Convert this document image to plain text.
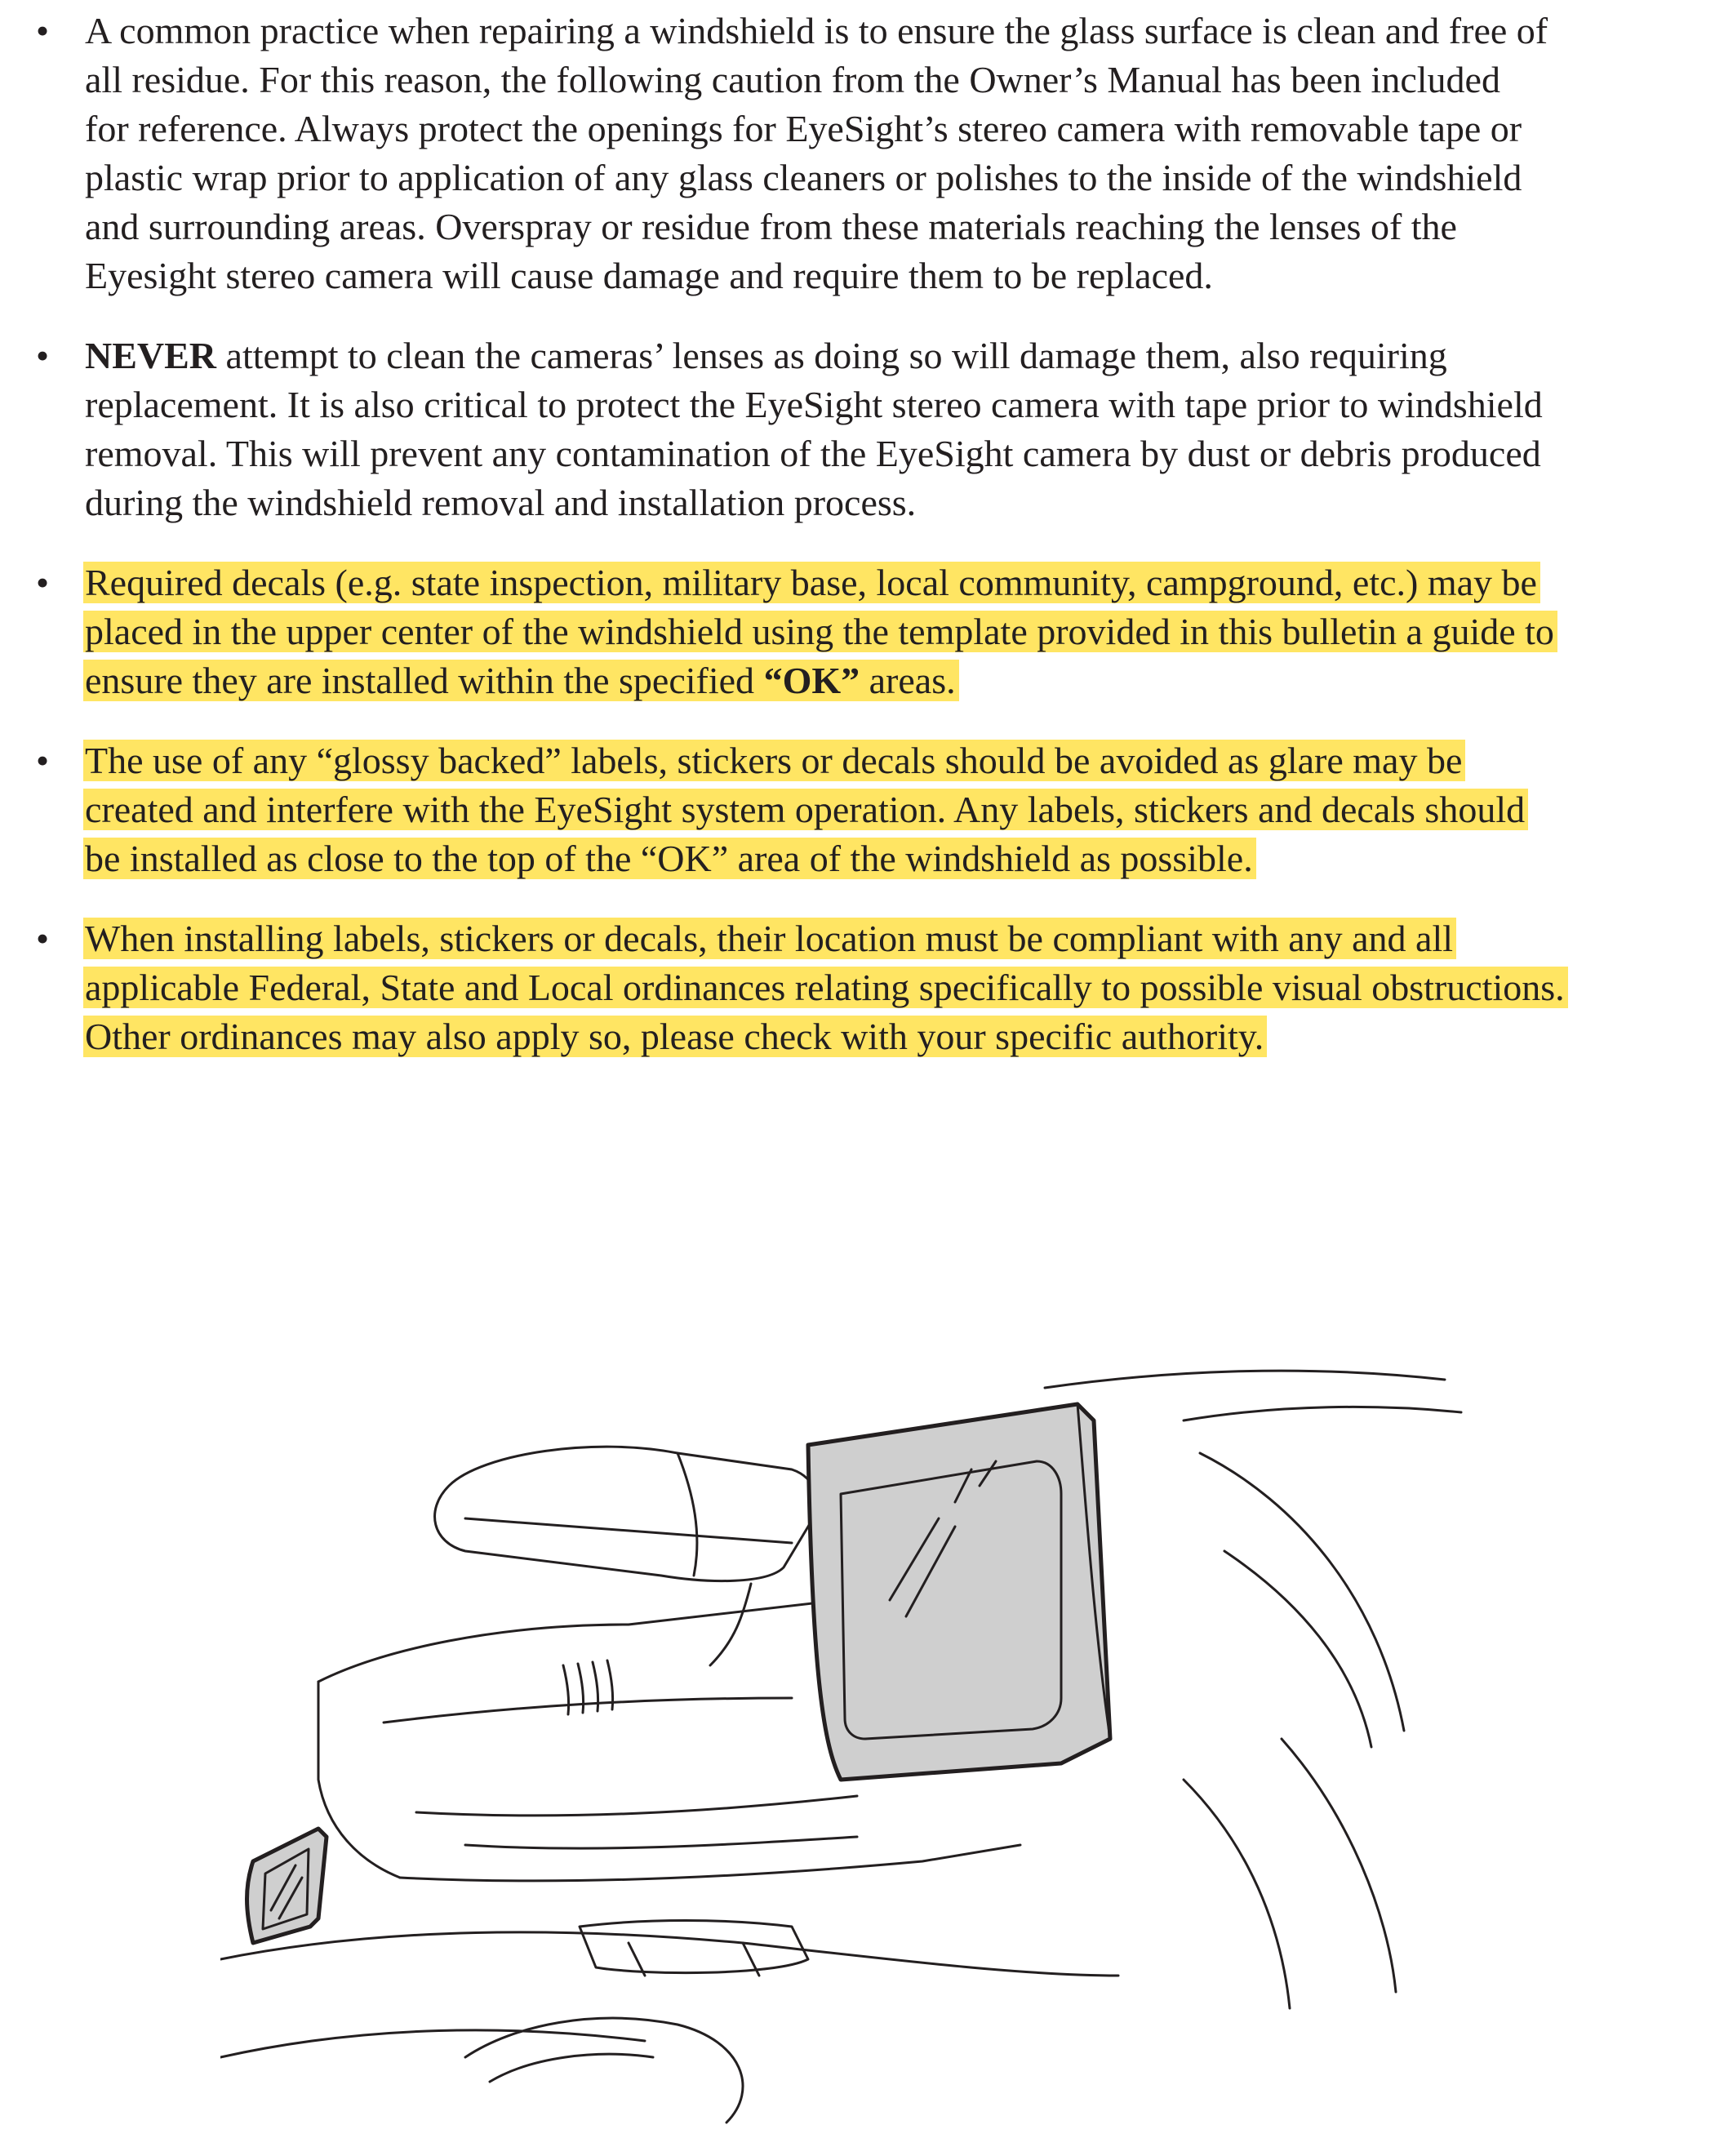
• A common practice when repairing a windshield is to ensure the glass surface is clean and free of
all residue. For this reason, the following caution from the Owner’s Manual has been included
for reference. Always protect the openings for EyeSight’s stereo camera with removable tape or
plastic wrap prior to application of any glass cleaners or polishes to the inside of the windshield
and surrounding areas. Overspray or residue from these materials reaching the lenses of the
Eyesight stereo camera will cause damage and require them to be replaced.
• NEVER attempt to clean the cameras’ lenses as doing so will damage them, also requiring
replacement. It is also critical to protect the EyeSight stereo camera with tape prior to windshield
removal. This will prevent any contamination of the EyeSight camera by dust or debris produced
during the windshield removal and installation process.
• Required decals (e.g. state inspection, military base, local community, campground, etc.) may be
placed in the upper center of the windshield using the template provided in this bulletin a guide to
ensure they are installed within the specified “OK” areas.
• The use of any “glossy backed” labels, stickers or decals should be avoided as glare may be
created and interfere with the EyeSight system operation. Any labels, stickers and decals should
be installed as close to the top of the “OK” area of the windshield as possible.
• When installing labels, stickers or decals, their location must be compliant with any and all
applicable Federal, State and Local ordinances relating specifically to possible visual obstructions.
Other ordinances may also apply so, please check with your specific authority.
